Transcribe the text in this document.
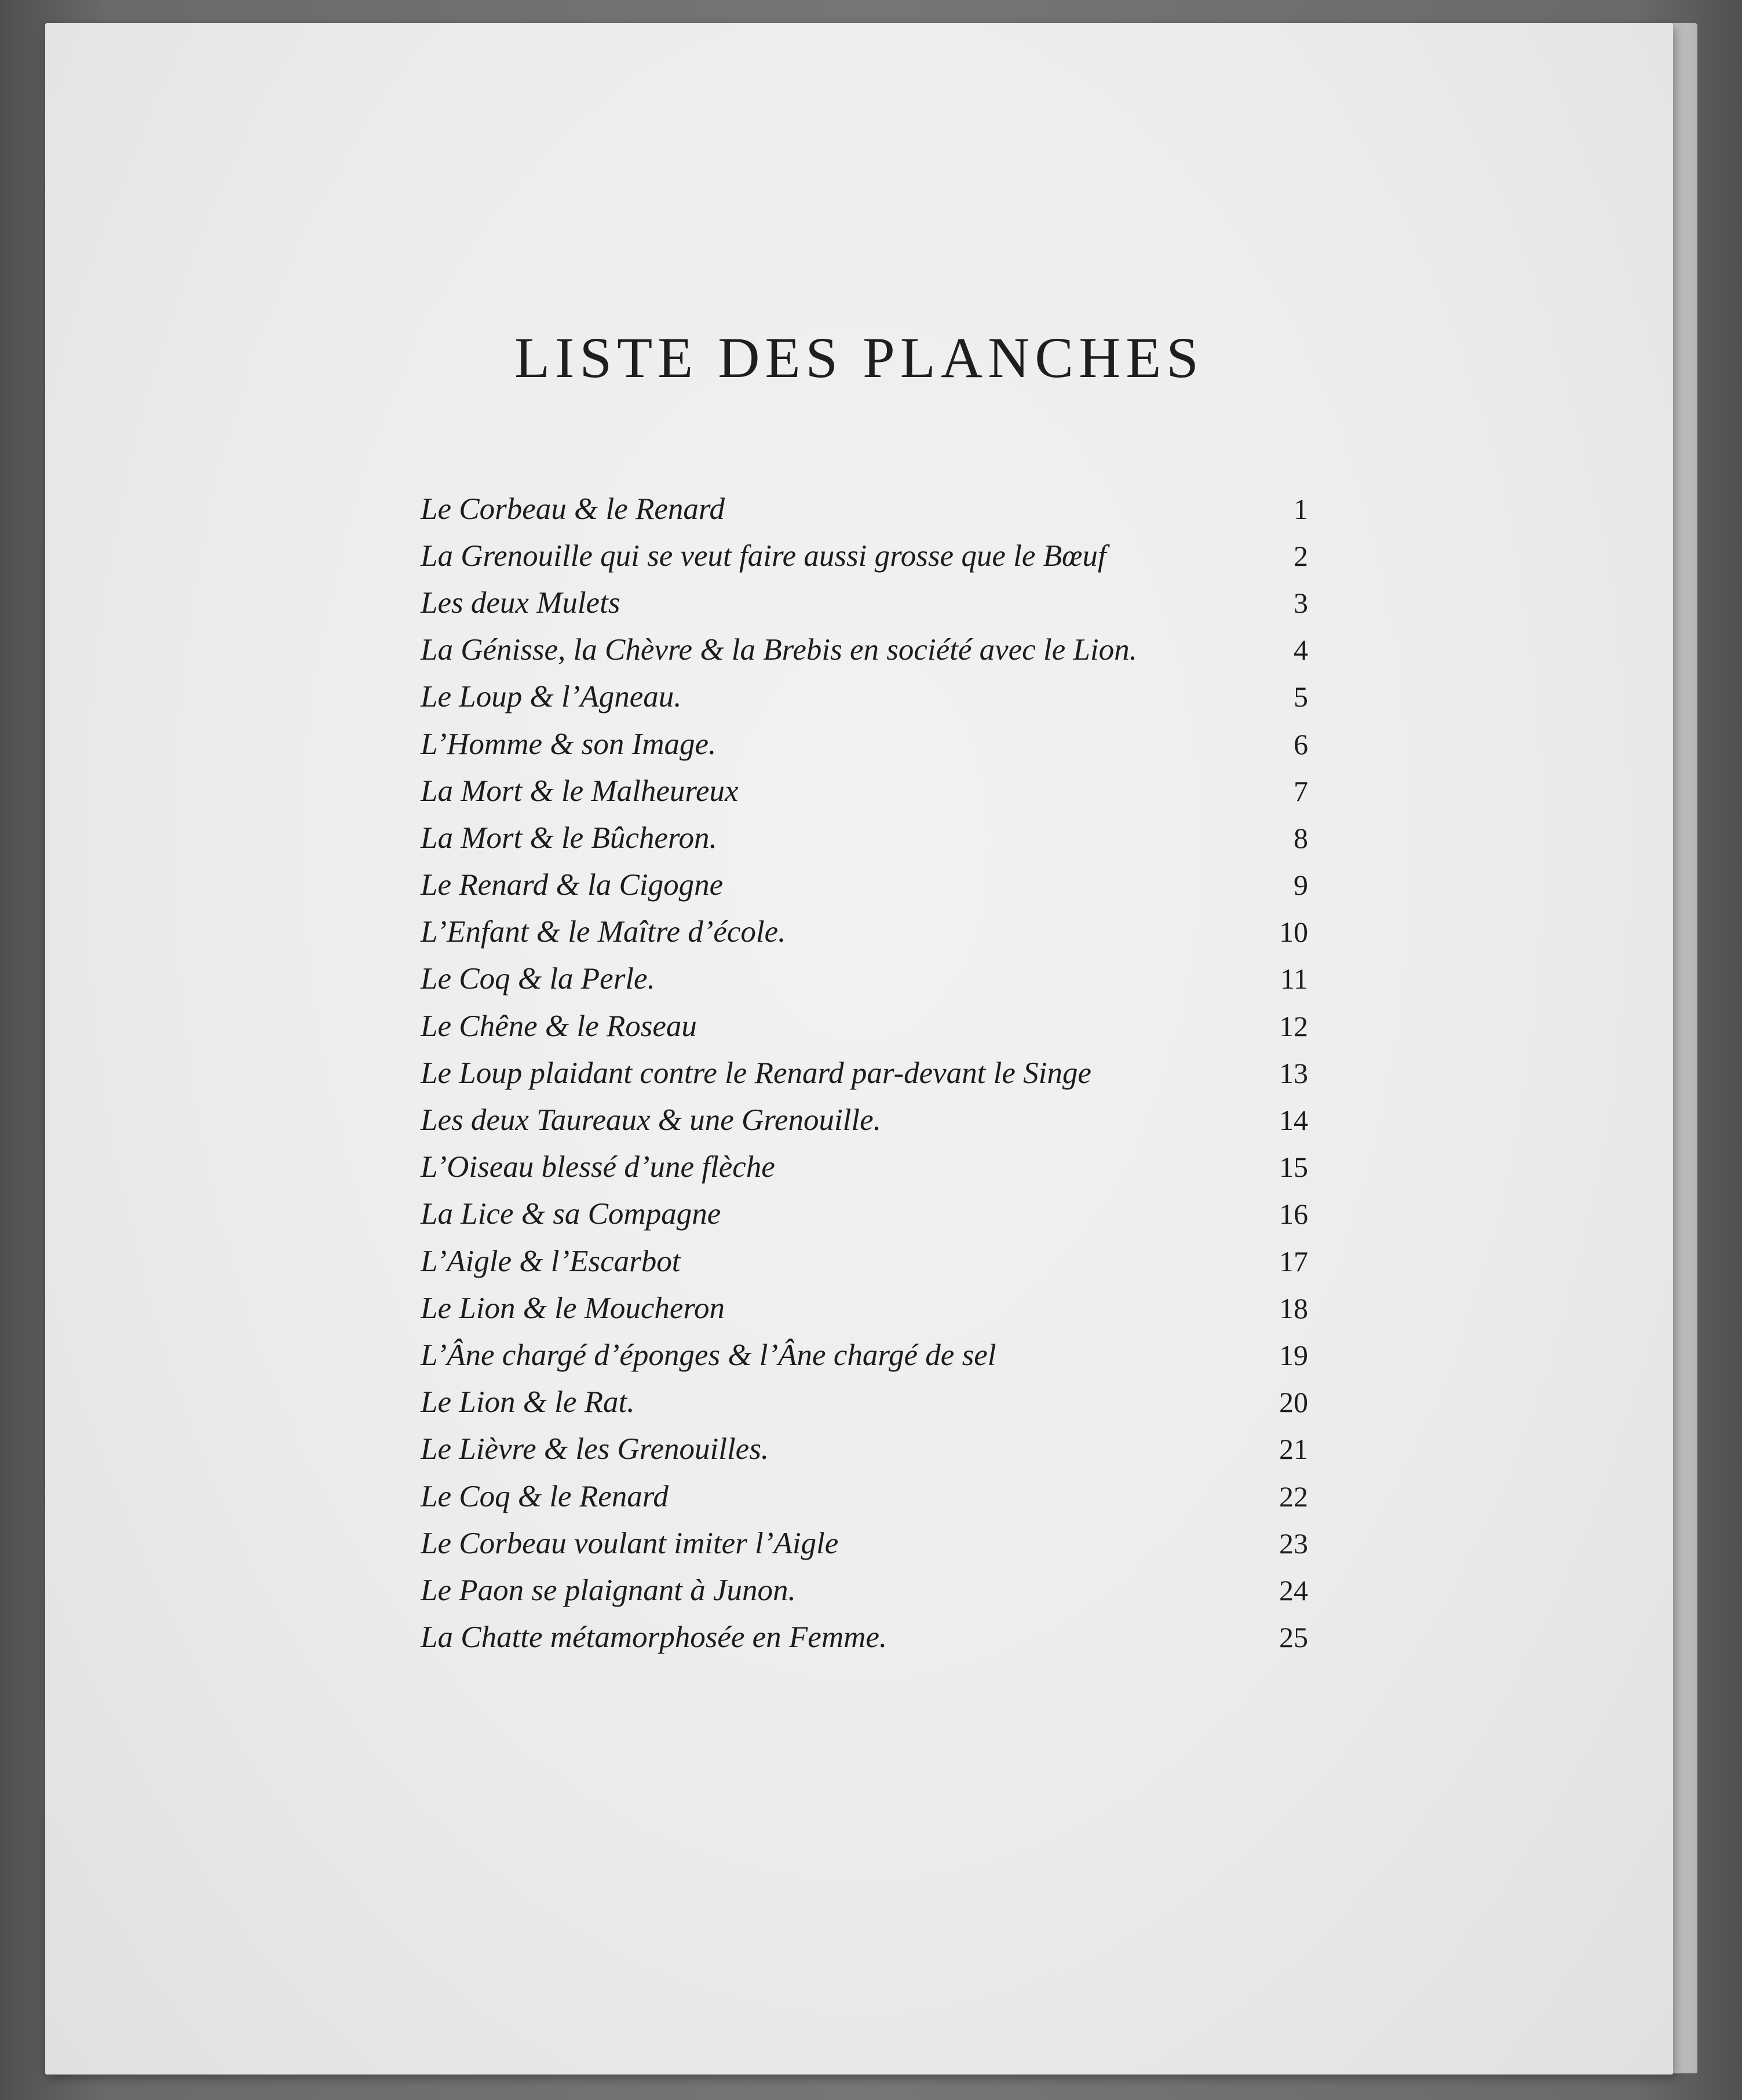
LISTE DES PLANCHES
Le Corbeau & le Renard	1
La Grenouille qui se veut faire aussi grosse que le Bœuf	2
Les deux Mulets	3
La Génisse, la Chèvre & la Brebis en société avec le Lion.	4
Le Loup & l’Agneau.	5
L’Homme & son Image.	6
La Mort & le Malheureux	7
La Mort & le Bûcheron.	8
Le Renard & la Cigogne	9
L’Enfant & le Maître d’école.	10
Le Coq & la Perle.	11
Le Chêne & le Roseau	12
Le Loup plaidant contre le Renard par-devant le Singe	13
Les deux Taureaux & une Grenouille.	14
L’Oiseau blessé d’une flèche	15
La Lice & sa Compagne	16
L’Aigle & l’Escarbot	17
Le Lion & le Moucheron	18
L’Âne chargé d’éponges & l’Âne chargé de sel	19
Le Lion & le Rat.	20
Le Lièvre & les Grenouilles.	21
Le Coq & le Renard	22
Le Corbeau voulant imiter l’Aigle	23
Le Paon se plaignant à Junon.	24
La Chatte métamorphosée en Femme.	25
